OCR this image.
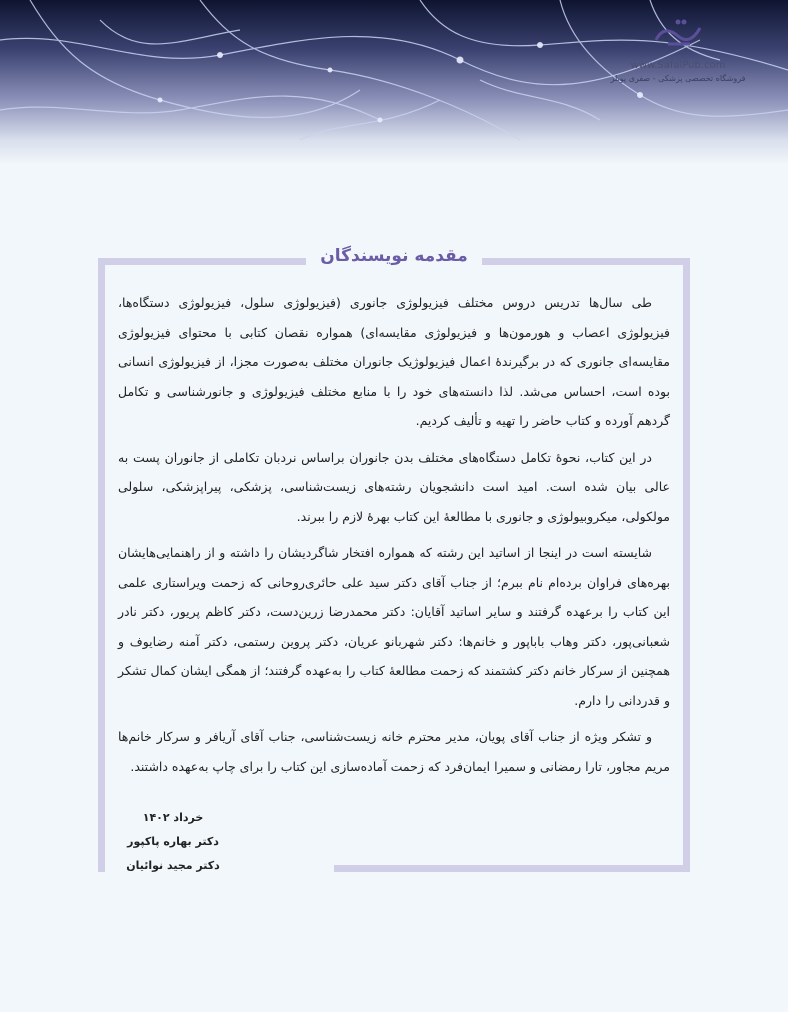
www.SafaiPub.com
فروشگاه تخصصی پزشکی - صفری پوبلر
مقدمه نویسندگان

طی سال‌ها تدریس دروس مختلف فیزیولوژی جانوری (فیزیولوژی سلول، فیزیولوژی دستگاه‌ها، فیزیولوژی اعصاب و هورمون‌ها و فیزیولوژی مقایسه‌ای) همواره نقصان کتابی با محتوای فیزیولوژی مقایسه‌ای جانوری که در برگیرندهٔ اعمال فیزیولوژیک جانوران مختلف به‌صورت مجزا، از فیزیولوژی انسانی بوده است، احساس می‌شد. لذا دانسته‌های خود را با منابع مختلف فیزیولوژی و جانورشناسی و تکامل گردهم آورده و کتاب حاضر را تهیه و تألیف کردیم.

در این کتاب، نحوهٔ تکامل دستگاه‌های مختلف بدن جانوران براساس نردبان تکاملی از جانوران پست به عالی بیان شده است. امید است دانشجویان رشته‌های زیست‌شناسی، پزشکی، پیراپزشکی، سلولی مولکولی، میکروبیولوژی و جانوری با مطالعهٔ این کتاب بهرهٔ لازم را ببرند.

شایسته است در اینجا از اساتید این رشته که همواره افتخار شاگردیشان را داشته و از راهنمایی‌هایشان بهره‌های فراوان برده‌ام نام ببرم؛ از جناب آقای دکتر سید علی حائری‌روحانی که زحمت ویراستاری علمی این کتاب را برعهده گرفتند و سایر اساتید آقایان: دکتر محمدرضا زرین‌دست، دکتر کاظم پریور، دکتر نادر شعبانی‌پور، دکتر وهاب باباپور و خانم‌ها: دکتر شهربانو عریان، دکتر پروین رستمی، دکتر آمنه رضایوف و همچنین از سرکار خانم دکتر کشتمند که زحمت مطالعهٔ کتاب را به‌عهده گرفتند؛ از همگی ایشان کمال تشکر و قدردانی را دارم.

و تشکر ویژه از جناب آقای پویان، مدیر محترم خانه زیست‌شناسی، جناب آقای آریافر و سرکار خانم‌ها مریم مجاور، تارا رمضانی و سمیرا ایمان‌فرد که زحمت آماده‌سازی این کتاب را برای چاپ به‌عهده داشتند.

خرداد ۱۴۰۲
دکتر بهاره پاکپور
دکتر مجید نوائیان
